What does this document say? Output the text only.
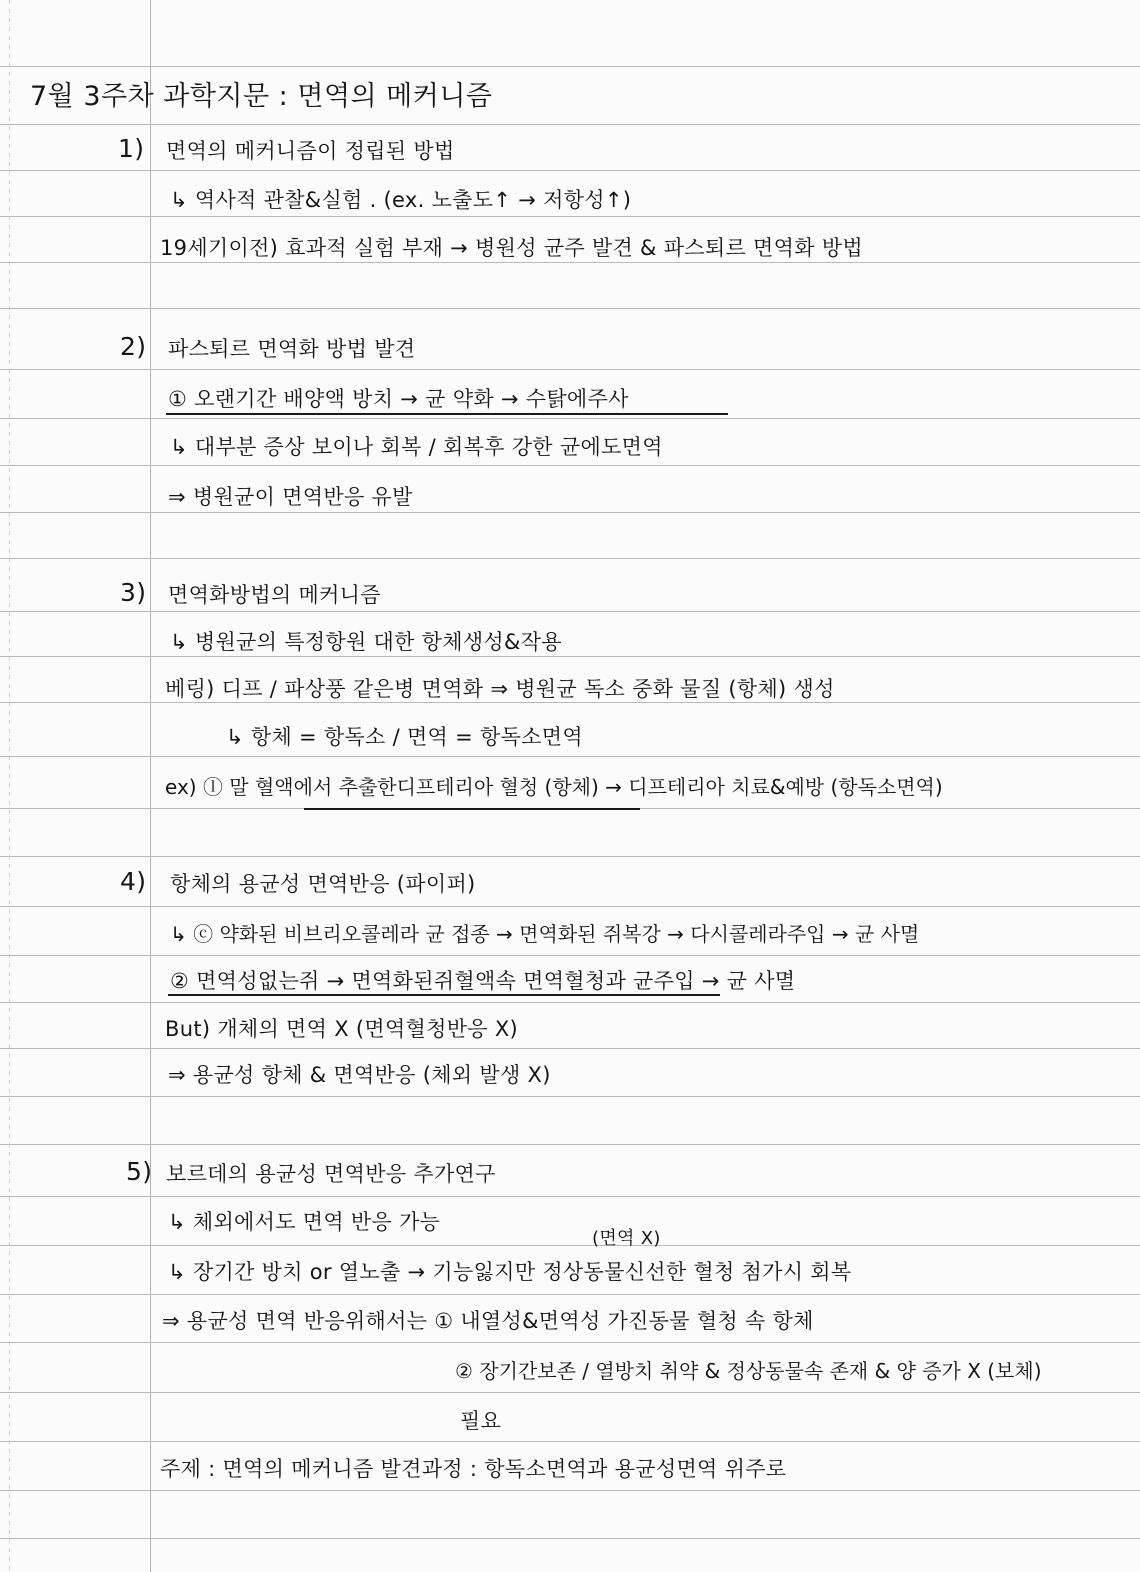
7월 3주차 과학지문 : 면역의 메커니즘
1) 면역의 메커니즘이 정립된 방법
↳ 역사적 관찰&실험 . (ex. 노출도↑ → 저항성↑)
19세기이전) 효과적 실험 부재 → 병원성 균주 발견 & 파스퇴르 면역화 방법
2) 파스퇴르 면역화 방법 발견
① 오랜기간 배양액 방치 → 균 약화 → 수탉에주사
↳ 대부분 증상 보이나 회복 / 회복후 강한 균에도면역
⇒ 병원균이 면역반응 유발
3) 면역화방법의 메커니즘
↳ 병원균의 특정항원 대한 항체생성&작용
베링) 디프 / 파상풍 같은병 면역화 ⇒ 병원균 독소 중화 물질 (항체) 생성
↳ 항체 = 항독소 / 면역 = 항독소면역
ex) ⓛ 말 혈액에서 추출한디프테리아 혈청 (항체) → 디프테리아 치료&예방 (항독소면역)
4) 항체의 용균성 면역반응 (파이퍼)
↳ ⓒ 약화된 비브리오콜레라 균 접종 → 면역화된 쥐복강 → 다시콜레라주입 → 균 사멸
② 면역성없는쥐 → 면역화된쥐혈액속 면역혈청과 균주입 → 균 사멸
But) 개체의 면역 X (면역혈청반응 X)
⇒ 용균성 항체 & 면역반응 (체외 발생 X)
5) 보르데의 용균성 면역반응 추가연구
↳ 체외에서도 면역 반응 가능
(면역 X)
↳ 장기간 방치 or 열노출 → 기능잃지만 정상동물신선한 혈청 첨가시 회복
⇒ 용균성 면역 반응위해서는 ① 내열성&면역성 가진동물 혈청 속 항체
② 장기간보존 / 열방치 취약 & 정상동물속 존재 & 양 증가 X (보체)
필요
주제 : 면역의 메커니즘 발견과정 : 항독소면역과 용균성면역 위주로
